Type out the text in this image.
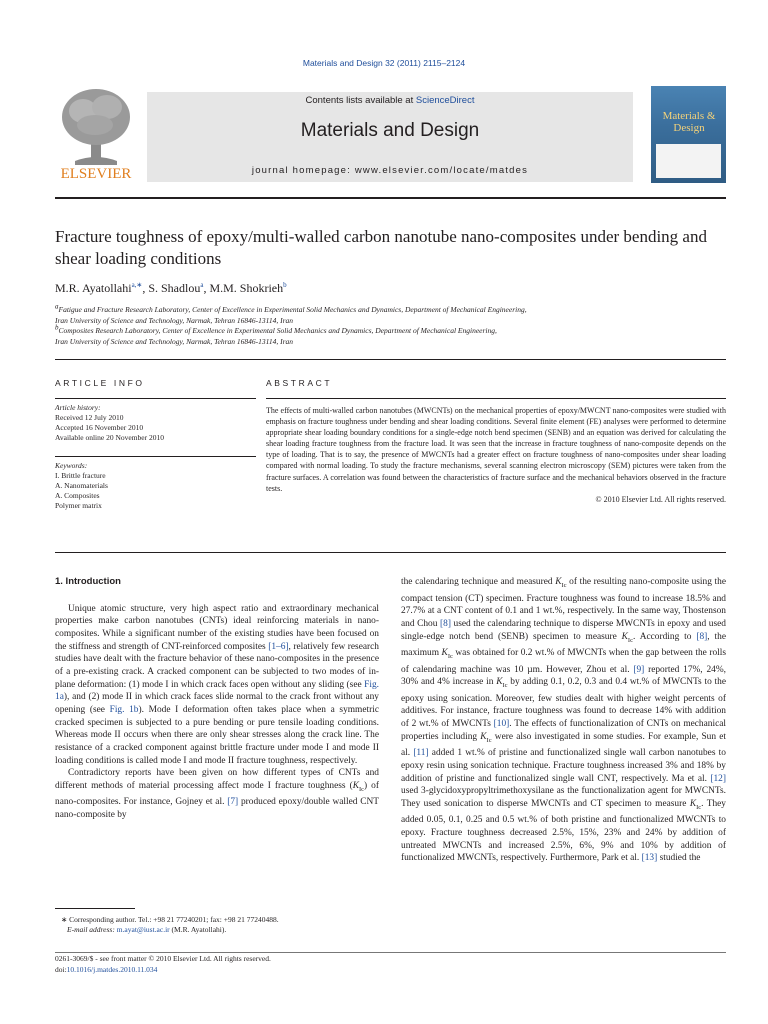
Materials and Design 32 (2011) 2115–2124
ELSEVIER
Contents lists available at ScienceDirect
Materials and Design
journal homepage: www.elsevier.com/locate/matdes
Materials & Design
Fracture toughness of epoxy/multi-walled carbon nanotube nano-composites under bending and shear loading conditions
M.R. Ayatollahi$^{a,∗}$, S. Shadlou$^a$, M.M. Shokrieh$^b$
$^a$Fatigue and Fracture Research Laboratory, Center of Excellence in Experimental Solid Mechanics and Dynamics, Department of Mechanical Engineering,
Iran University of Science and Technology, Narmak, Tehran 16846-13114, Iran
$^b$Composites Research Laboratory, Center of Excellence in Experimental Solid Mechanics and Dynamics, Department of Mechanical Engineering,
Iran University of Science and Technology, Narmak, Tehran 16846-13114, Iran
ARTICLE INFO
Article history:
Received 12 July 2010
Accepted 16 November 2010
Available online 20 November 2010
Keywords:
I. Brittle fracture
A. Nanomaterials
A. Composites
Polymer matrix
ABSTRACT

The effects of multi-walled carbon nanotubes (MWCNTs) on the mechanical properties of epoxy/MWCNT nano-composites were studied with emphasis on fracture toughness under bending and shear loading conditions. Several finite element (FE) analyses were performed to determine appropriate shear loading boundary conditions for a single-edge notch bend specimen (SENB) and an equation was derived for calculating the shear loading fracture toughness from the fracture load. It was seen that the increase in fracture toughness of nano-composite depends on the type of loading. That is to say, the presence of MWCNTs had a greater effect on fracture toughness of nano-composites under shear loading compared with normal loading. To study the fracture mechanisms, several scanning electron microscopy (SEM) pictures were taken from the fracture surfaces. A correlation was found between the characteristics of fracture surface and the mechanical behaviors observed in the fracture tests.

© 2010 Elsevier Ltd. All rights reserved.

1. Introduction

Unique atomic structure, very high aspect ratio and extraordinary mechanical properties make carbon nanotubes (CNTs) ideal reinforcing materials in nano-composites. While a significant number of the existing studies have been focused on the stiffness and strength of CNT-reinforced composites [1–6], relatively few research studies have dealt with the fracture behavior of these nano-composites in the presence of a pre-existing crack. A cracked component can be subjected to two modes of in-plane deformation: (1) mode I in which crack faces open without any sliding (see Fig. 1a), and (2) mode II in which crack faces slide normal to the crack front without any opening (see Fig. 1b). Mode I deformation often takes place when a symmetric cracked specimen is subjected to a pure bending or pure tensile loading conditions. Whereas mode II occurs when there are only shear stresses along the crack line. The resistance of a cracked component against brittle fracture under mode I and mode II loading conditions is called mode I and mode II fracture toughness, respectively.

Contradictory reports have been given on how different types of CNTs and different methods of material processing affect mode I fracture toughness $(K_{Ic})$ of nano-composites. For instance, Gojney et al. [7] produced epoxy/double walled CNT nano-composite by

∗ Corresponding author. Tel.: +98 21 77240201; fax: +98 21 77240488.
E-mail address: m.ayat@iust.ac.ir (M.R. Ayatollahi).

the calendaring technique and measured $K_{Ic}$ of the resulting nano-composite using the compact tension (CT) specimen. Fracture toughness was found to increase 18.5% and 27.7% at a CNT content of 0.1 and 1 wt.%, respectively. In the same way, Thostenson and Chou [8] used the calendaring technique to disperse MWCNTs in epoxy and used single-edge notch bend (SENB) specimen to measure $K_{Ic}$. According to [8], the maximum $K_{Ic}$ was obtained for 0.2 wt.% of MWCNTs when the gap between the rolls of calendaring machine was 10 µm. However, Zhou et al. [9] reported 17%, 24%, 30% and 4% increase in $K_{Ic}$ by adding 0.1, 0.2, 0.3 and 0.4 wt.% of MWCNTs to the epoxy using sonication. Moreover, few studies dealt with higher weight percents of additives. For instance, fracture toughness was found to decrease 14% with addition of 2 wt.% of MWCNTs [10]. The effects of functionalization of CNTs on mechanical properties including $K_{Ic}$ were also investigated in some studies. For example, Sun et al. [11] added 1 wt.% of pristine and functionalized single wall carbon nanotubes to epoxy resin using sonication technique. Fracture toughness increased 3% and 18% by addition of pristine and functionalized single wall CNT, respectively. Ma et al. [12] used 3-glycidoxypropyltrimethoxysilane as the functionalization agent for MWCNTs. They used sonication to disperse MWCNTs and CT specimen to measure $K_{Ic}$. They added 0.05, 0.1, 0.25 and 0.5 wt.% of both pristine and functionalized MWCNTs to epoxy. Fracture toughness decreased 2.5%, 15%, 23% and 24% by addition of untreated MWCNTs and increased 2.5%, 6%, 9% and 10% by addition of functionalized MWCNTs, respectively. Furthermore, Park et al. [13] studied the

0261-3069/$ - see front matter © 2010 Elsevier Ltd. All rights reserved.
doi:10.1016/j.matdes.2010.11.034
